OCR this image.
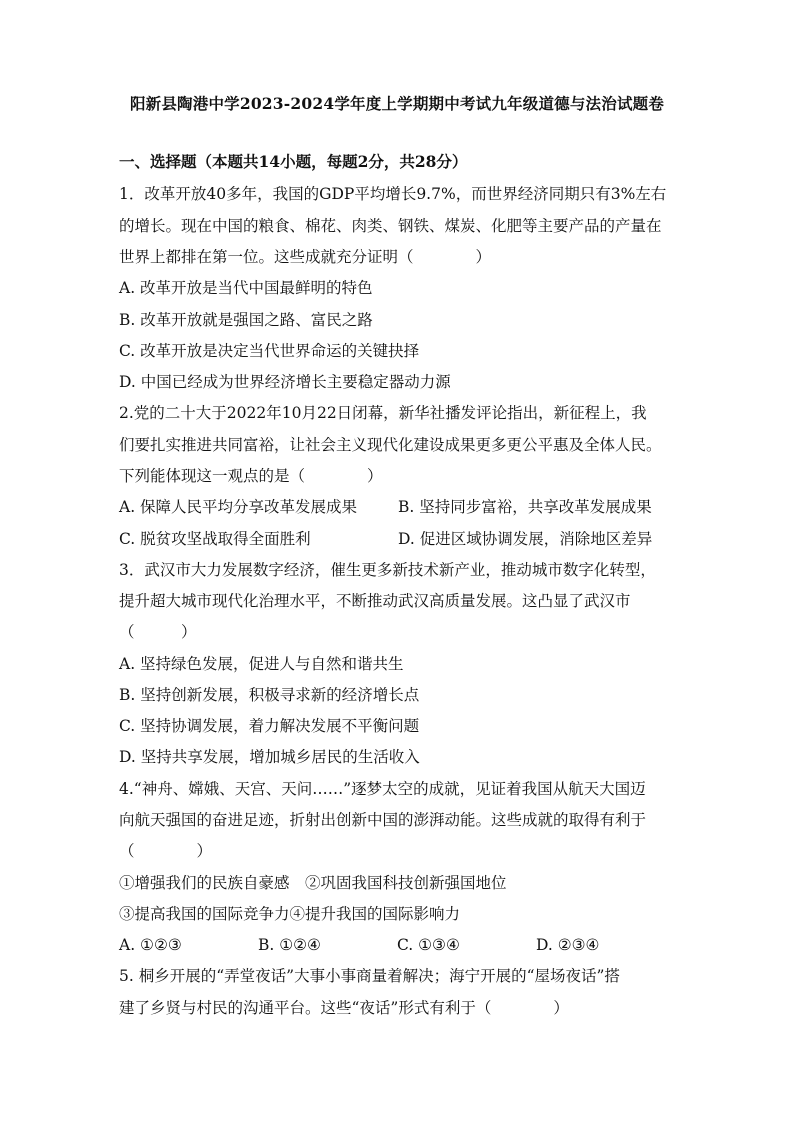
阳新县陶港中学2023-2024学年度上学期期中考试九年级道德与法治试题卷
一、选择题（本题共14小题，每题2分，共28分）
1．改革开放40多年，我国的GDP平均增长9.7%，而世界经济同期只有3%左右
的增长。现在中国的粮食、棉花、肉类、钢铁、煤炭、化肥等主要产品的产量在
世界上都排在第一位。这些成就充分证明（　　　　）
A. 改革开放是当代中国最鲜明的特色
B. 改革开放就是强国之路、富民之路
C. 改革开放是决定当代世界命运的关键抉择
D. 中国已经成为世界经济增长主要稳定器动力源
2.党的二十大于2022年10月22日闭幕，新华社播发评论指出，新征程上，我
们要扎实推进共同富裕，让社会主义现代化建设成果更多更公平惠及全体人民。
下列能体现这一观点的是（　　　　）
A. 保障人民平均分享改革发展成果	B. 坚持同步富裕，共享改革发展成果
C. 脱贫攻坚战取得全面胜利	D. 促进区域协调发展，消除地区差异
3．武汉市大力发展数字经济，催生更多新技术新产业，推动城市数字化转型，
提升超大城市现代化治理水平，不断推动武汉高质量发展。这凸显了武汉市
（　　　）
A. 坚持绿色发展，促进人与自然和谐共生
B. 坚持创新发展，积极寻求新的经济增长点
C. 坚持协调发展，着力解决发展不平衡问题
D. 坚持共享发展，增加城乡居民的生活收入
4.“神舟、嫦娥、天宫、天问……”逐梦太空的成就，见证着我国从航天大国迈
向航天强国的奋进足迹，折射出创新中国的澎湃动能。这些成就的取得有利于
（　　　　）
①增强我们的民族自豪感　②巩固我国科技创新强国地位
③提高我国的国际竞争力④提升我国的国际影响力
A. ①②③	B. ①②④	C. ①③④	D. ②③④
5. 桐乡开展的“弄堂夜话”大事小事商量着解决；海宁开展的“屋场夜话”搭
建了乡贤与村民的沟通平台。这些“夜话”形式有利于（　　　　）
